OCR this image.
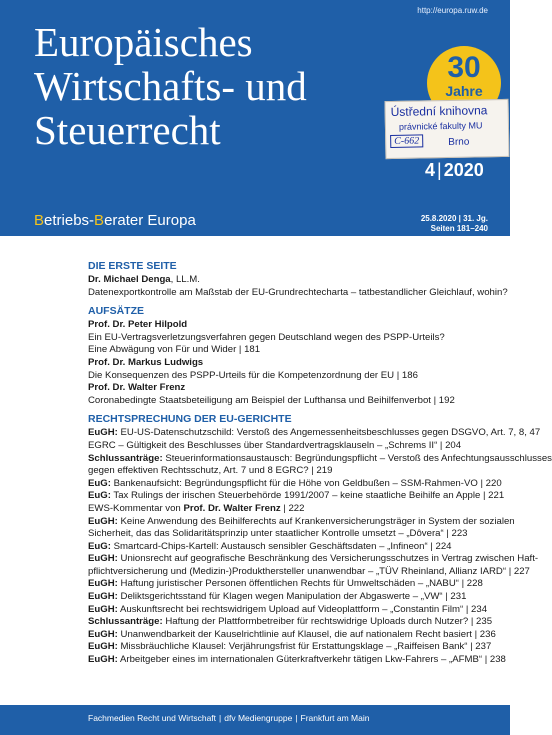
http://europa.ruw.de
Europäisches
Wirtschafts- und
Steuerrecht
30
Jahre
Ústřední knihovna
právnické fakulty MU
C-662	Brno
4 | 2020
Betriebs-Berater Europa	25.8.2020 | 31. Jg.
Seiten 181–240
DIE ERSTE SEITE
Dr. Michael Denga, LL.M.
Datenexportkontrolle am Maßstab der EU-Grundrechtecharta – tatbestandlicher Gleichlauf, wohin?
AUFSÄTZE
Prof. Dr. Peter Hilpold
Ein EU-Vertragsverletzungsverfahren gegen Deutschland wegen des PSPP-Urteils?
Eine Abwägung von Für und Wider | 181
Prof. Dr. Markus Ludwigs
Die Konsequenzen des PSPP-Urteils für die Kompetenzordnung der EU | 186
Prof. Dr. Walter Frenz
Coronabedingte Staatsbeteiligung am Beispiel der Lufthansa und Beihilfenverbot | 192
RECHTSPRECHUNG DER EU-GERICHTE
EuGH: EU-US-Datenschutzschild: Verstoß des Angemessenheitsbeschlusses gegen DSGVO, Art. 7, 8, 47
EGRC – Gültigkeit des Beschlusses über Standardvertragsklauseln – „Schrems II“ | 204
Schlussanträge: Steuerinformationsaustausch: Begründungspflicht – Verstoß des Anfechtungsausschlusses
gegen effektiven Rechtsschutz, Art. 7 und 8 EGRC? | 219
EuG: Bankenaufsicht: Begründungspflicht für die Höhe von Geldbußen – SSM-Rahmen-VO | 220
EuG: Tax Rulings der irischen Steuerbehörde 1991/2007 – keine staatliche Beihilfe an Apple | 221
EWS-Kommentar von Prof. Dr. Walter Frenz | 222
EuGH: Keine Anwendung des Beihilferechts auf Krankenversicherungsträger in System der sozialen
Sicherheit, das das Solidaritätsprinzip unter staatlicher Kontrolle umsetzt – „Dôvera“ | 223
EuG: Smartcard-Chips-Kartell: Austausch sensibler Geschäftsdaten – „Infineon“ | 224
EuGH: Unionsrecht auf geografische Beschränkung des Versicherungsschutzes in Vertrag zwischen Haft-
pflichtversicherung und (Medizin-)Produkthersteller unanwendbar – „TÜV Rheinland, Allianz IARD“ | 227
EuGH: Haftung juristischer Personen öffentlichen Rechts für Umweltschäden – „NABU“ | 228
EuGH: Deliktsgerichtsstand für Klagen wegen Manipulation der Abgaswerte – „VW“ | 231
EuGH: Auskunftsrecht bei rechtswidrigem Upload auf Videoplattform – „Constantin Film“ | 234
Schlussanträge: Haftung der Plattformbetreiber für rechtswidrige Uploads durch Nutzer? | 235
EuGH: Unanwendbarkeit der Kauselrichtlinie auf Klausel, die auf nationalem Recht basiert | 236
EuGH: Missbräuchliche Klausel: Verjährungsfrist für Erstattungsklage – „Raiffeisen Bank“ | 237
EuGH: Arbeitgeber eines im internationalen Güterkraftverkehr tätigen Lkw-Fahrers – „AFMB“ | 238
Fachmedien Recht und Wirtschaft | dfv Mediengruppe | Frankfurt am Main
